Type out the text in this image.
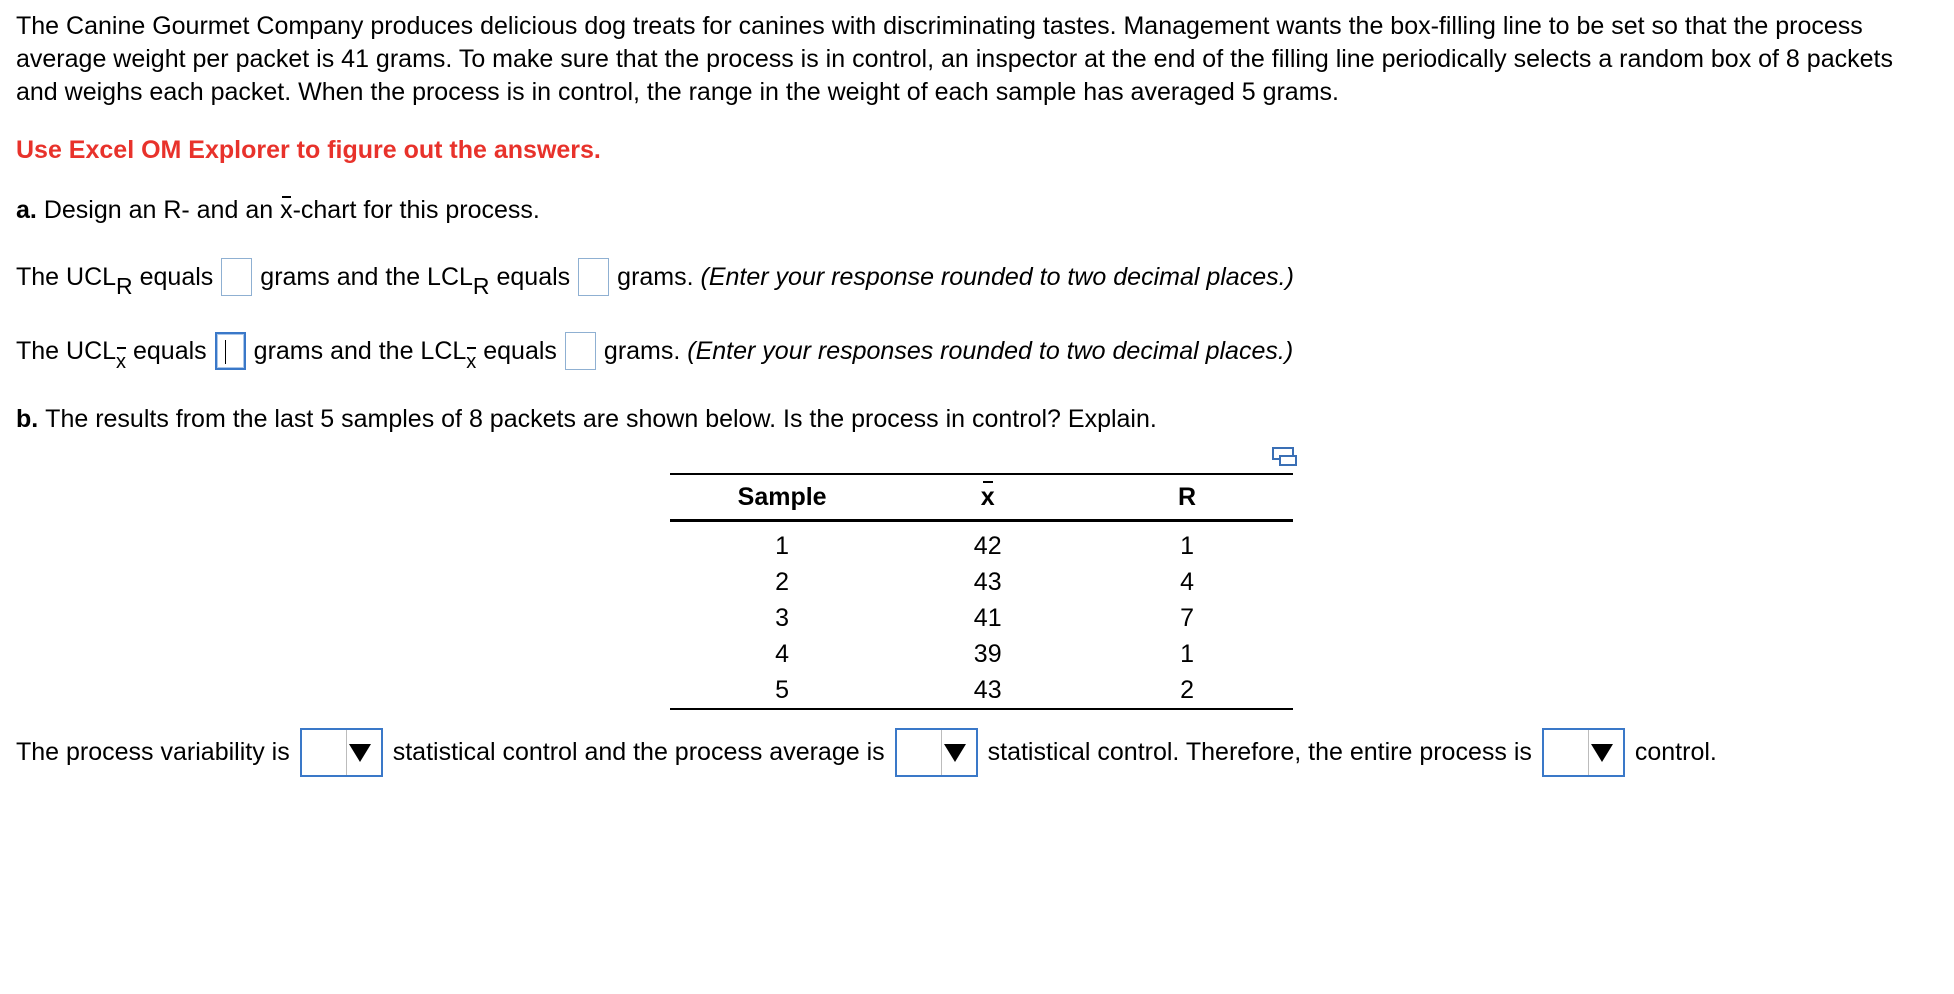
The Canine Gourmet Company produces delicious dog treats for canines with discriminating tastes. Management wants the box-filling line to be set so that the process average weight per packet is 41 grams. To make sure that the process is in control, an inspector at the end of the filling line periodically selects a random box of 8 packets and weighs each packet. When the process is in control, the range in the weight of each sample has averaged 5 grams.

Use Excel OM Explorer to figure out the answers.
a.
Design an R- and an
x -chart for this process.
The UCL R
equals grams and the LCL R
equals grams.
(Enter your response rounded to two decimal places.)
The UCL x
equals grams and the LCL x
equals grams.
(Enter your responses rounded to two decimal places.)
b.
The results from the last 5 samples of 8 packets are shown below. Is the process in control? Explain.
Sample	x	R
1	42	1
2	43	4
3	41	7
4	39	1
5	43	2
The process variability is	statistical control and the process average is	statistical control. Therefore, the entire process is	control.
